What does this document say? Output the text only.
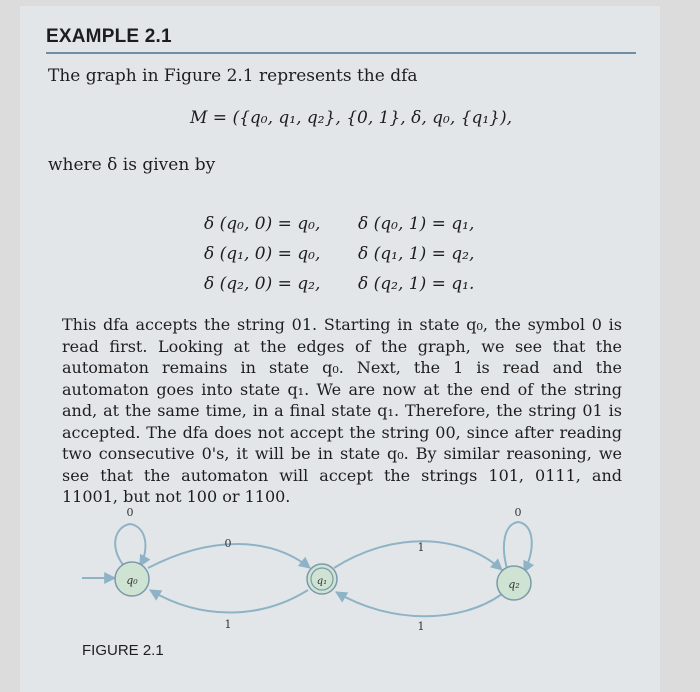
EXAMPLE 2.1
The graph in Figure 2.1 represents the dfa
M = ({q₀, q₁, q₂}, {0, 1}, δ, q₀, {q₁}),
where δ is given by
δ (q₀, 0) = q₀, δ (q₀, 1) = q₁,
δ (q₁, 0) = q₀, δ (q₁, 1) = q₂,
δ (q₂, 0) = q₂, δ (q₂, 1) = q₁.
This dfa accepts the string 01. Starting in state q₀, the symbol 0 is read first. Looking at the edges of the graph, we see that the automaton remains in state q₀. Next, the 1 is read and the automaton goes into state q₁. We are now at the end of the string and, at the same time, in a final state q₁. Therefore, the string 01 is accepted. The dfa does not accept the string 00, since after reading two consecutive 0's, it will be in state q₀. By similar reasoning, we see that the automaton will accept the strings 101, 0111, and 11001, but not 100 or 1100.
q₀	q₁	q₂
0
0
1
1
1
0
FIGURE 2.1
